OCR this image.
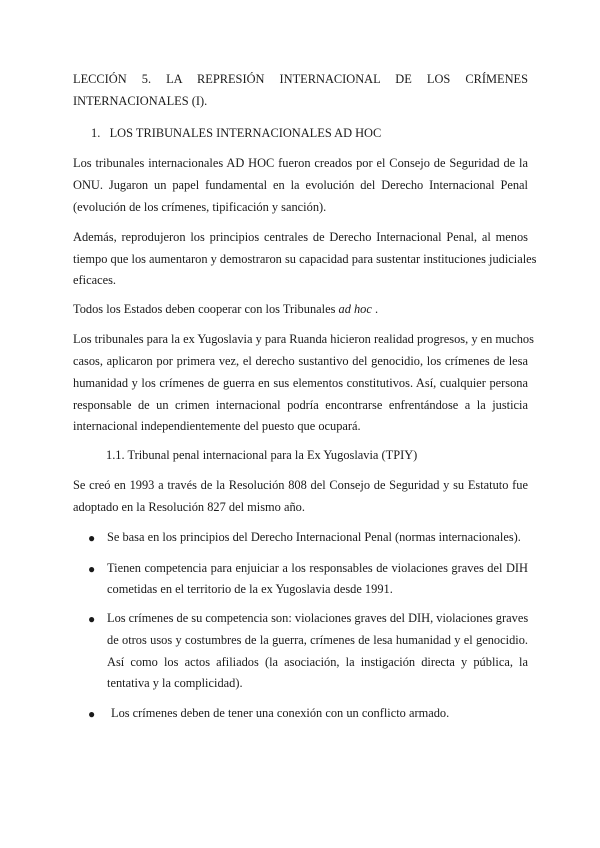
LECCIÓN 5. LA REPRESIÓN INTERNACIONAL DE LOS CRÍMENES
INTERNACIONALES (I).
1. LOS TRIBUNALES INTERNACIONALES AD HOC
Los tribunales internacionales AD HOC fueron creados por el Consejo de Seguridad de la
ONU. Jugaron un papel fundamental en la evolución del Derecho Internacional Penal
(evolución de los crímenes, tipificación y sanción).
Además, reprodujeron los principios centrales de Derecho Internacional Penal, al menos
tiempo que los aumentaron y demostraron su capacidad para sustentar instituciones judiciales
eficaces.
Todos los Estados deben cooperar con los Tribunales ad hoc .
Los tribunales para la ex Yugoslavia y para Ruanda hicieron realidad progresos, y en muchos
casos, aplicaron por primera vez, el derecho sustantivo del genocidio, los crímenes de lesa
humanidad y los crímenes de guerra en sus elementos constitutivos. Así, cualquier persona
responsable de un crimen internacional podría encontrarse enfrentándose a la justicia
internacional independientemente del puesto que ocupará.
1.1. Tribunal penal internacional para la Ex Yugoslavia (TPIY)
Se creó en 1993 a través de la Resolución 808 del Consejo de Seguridad y su Estatuto fue
adoptado en la Resolución 827 del mismo año.
● Se basa en los principios del Derecho Internacional Penal (normas internacionales).
● Tienen competencia para enjuiciar a los responsables de violaciones graves del DIH
cometidas en el territorio de la ex Yugoslavia desde 1991.
● Los crímenes de su competencia son: violaciones graves del DIH, violaciones graves
de otros usos y costumbres de la guerra, crímenes de lesa humanidad y el genocidio.
Así como los actos afiliados (la asociación, la instigación directa y pública, la
tentativa y la complicidad).
● Los crímenes deben de tener una conexión con un conflicto armado.
